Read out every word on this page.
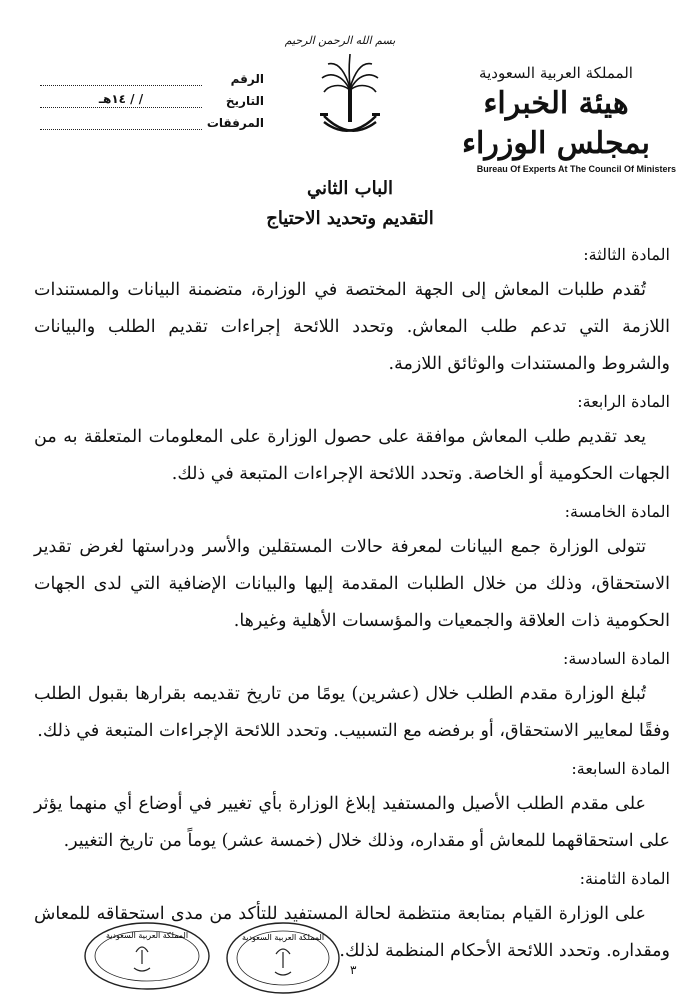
الرقم
التاريخ
/ / ١٤هـ
المرفقات
بسم الله الرحمن الرحيم
المملكة العربية السعودية
هيئة الخبراء بمجلس الوزراء
Bureau Of Experts At The Council Of Ministers
الباب الثاني
التقديم وتحديد الاحتياج

المادة الثالثة:

تُقدم طلبات المعاش إلى الجهة المختصة في الوزارة، متضمنة البيانات والمستندات اللازمة التي تدعم طلب المعاش. وتحدد اللائحة إجراءات تقديم الطلب والبيانات والشروط والمستندات والوثائق اللازمة.

المادة الرابعة:

يعد تقديم طلب المعاش موافقة على حصول الوزارة على المعلومات المتعلقة به من الجهات الحكومية أو الخاصة. وتحدد اللائحة الإجراءات المتبعة في ذلك.

المادة الخامسة:

تتولى الوزارة جمع البيانات لمعرفة حالات المستقلين والأسر ودراستها لغرض تقدير الاستحقاق، وذلك من خلال الطلبات المقدمة إليها والبيانات الإضافية التي لدى الجهات الحكومية ذات العلاقة والجمعيات والمؤسسات الأهلية وغيرها.

المادة السادسة:

تُبلغ الوزارة مقدم الطلب خلال (عشرين) يومًا من تاريخ تقديمه بقرارها بقبول الطلب وفقًا لمعايير الاستحقاق، أو برفضه مع التسبيب. وتحدد اللائحة الإجراءات المتبعة في ذلك.

المادة السابعة:

على مقدم الطلب الأصيل والمستفيد إبلاغ الوزارة بأي تغيير في أوضاع أي منهما يؤثر على استحقاقهما للمعاش أو مقداره، وذلك خلال (خمسة عشر) يوماً من تاريخ التغيير.

المادة الثامنة:

على الوزارة القيام بمتابعة منتظمة لحالة المستفيد للتأكد من مدى استحقاقه للمعاش ومقداره. وتحدد اللائحة الأحكام المنظمة لذلك.

المملكة العربية السعودية	المملكة العربية السعودية
٣
